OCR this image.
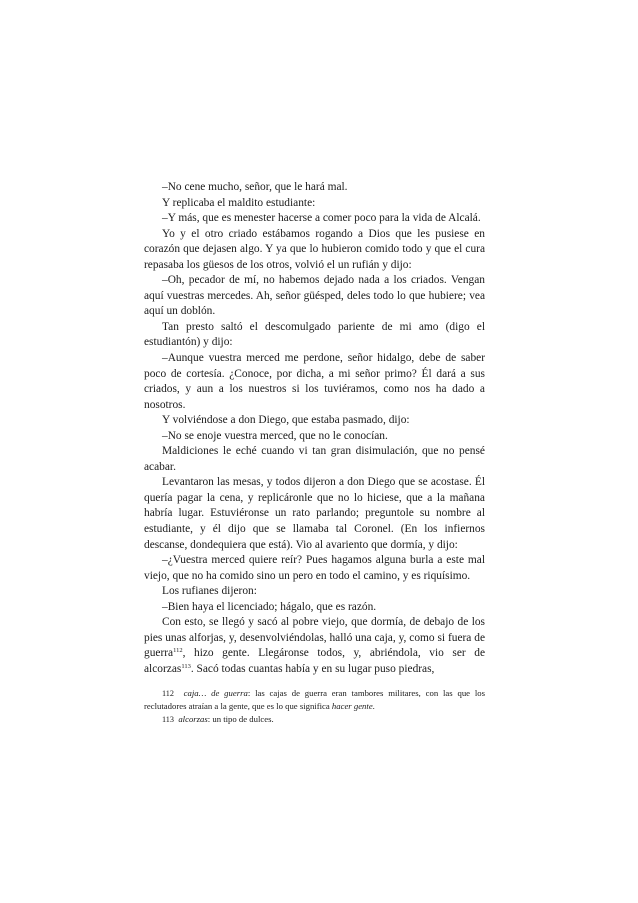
–No cene mucho, señor, que le hará mal.

Y replicaba el maldito estudiante:

–Y más, que es menester hacerse a comer poco para la vida de Alcalá.

Yo y el otro criado estábamos rogando a Dios que les pusiese en corazón que dejasen algo. Y ya que lo hubieron comido todo y que el cura repasaba los güesos de los otros, volvió el un rufián y dijo:

–Oh, pecador de mí, no habemos dejado nada a los criados. Vengan aquí vuestras mercedes. Ah, señor güésped, deles todo lo que hubiere; vea aquí un doblón.

Tan presto saltó el descomulgado pariente de mi amo (digo el estudiantón) y dijo:

–Aunque vuestra merced me perdone, señor hidalgo, debe de saber poco de cortesía. ¿Conoce, por dicha, a mi señor primo? Él dará a sus criados, y aun a los nuestros si los tuviéramos, como nos ha dado a nosotros.

Y volviéndose a don Diego, que estaba pasmado, dijo:

–No se enoje vuestra merced, que no le conocían.

Maldiciones le eché cuando vi tan gran disimulación, que no pensé acabar.

Levantaron las mesas, y todos dijeron a don Diego que se acostase. Él quería pagar la cena, y replicáronle que no lo hiciese, que a la mañana habría lugar. Estuviéronse un rato parlando; preguntole su nombre al estudiante, y él dijo que se llamaba tal Coronel. (En los infiernos descanse, dondequiera que está). Vio al avariento que dormía, y dijo:

–¿Vuestra merced quiere reír? Pues hagamos alguna burla a este mal viejo, que no ha comido sino un pero en todo el camino, y es riquísimo.

Los rufianes dijeron:

–Bien haya el licenciado; hágalo, que es razón.

Con esto, se llegó y sacó al pobre viejo, que dormía, de debajo de los pies unas alforjas, y, desenvolviéndolas, halló una caja, y, como si fuera de guerra$^{112}$, hizo gente. Llegáronse todos, y, abriéndola, vio ser de alcorzas$^{113}$. Sacó todas cuantas había y en su lugar puso piedras,

112 caja… de guerra: las cajas de guerra eran tambores militares, con las que los reclutadores atraían a la gente, que es lo que significa hacer gente.

113 alcorzas: un tipo de dulces.
